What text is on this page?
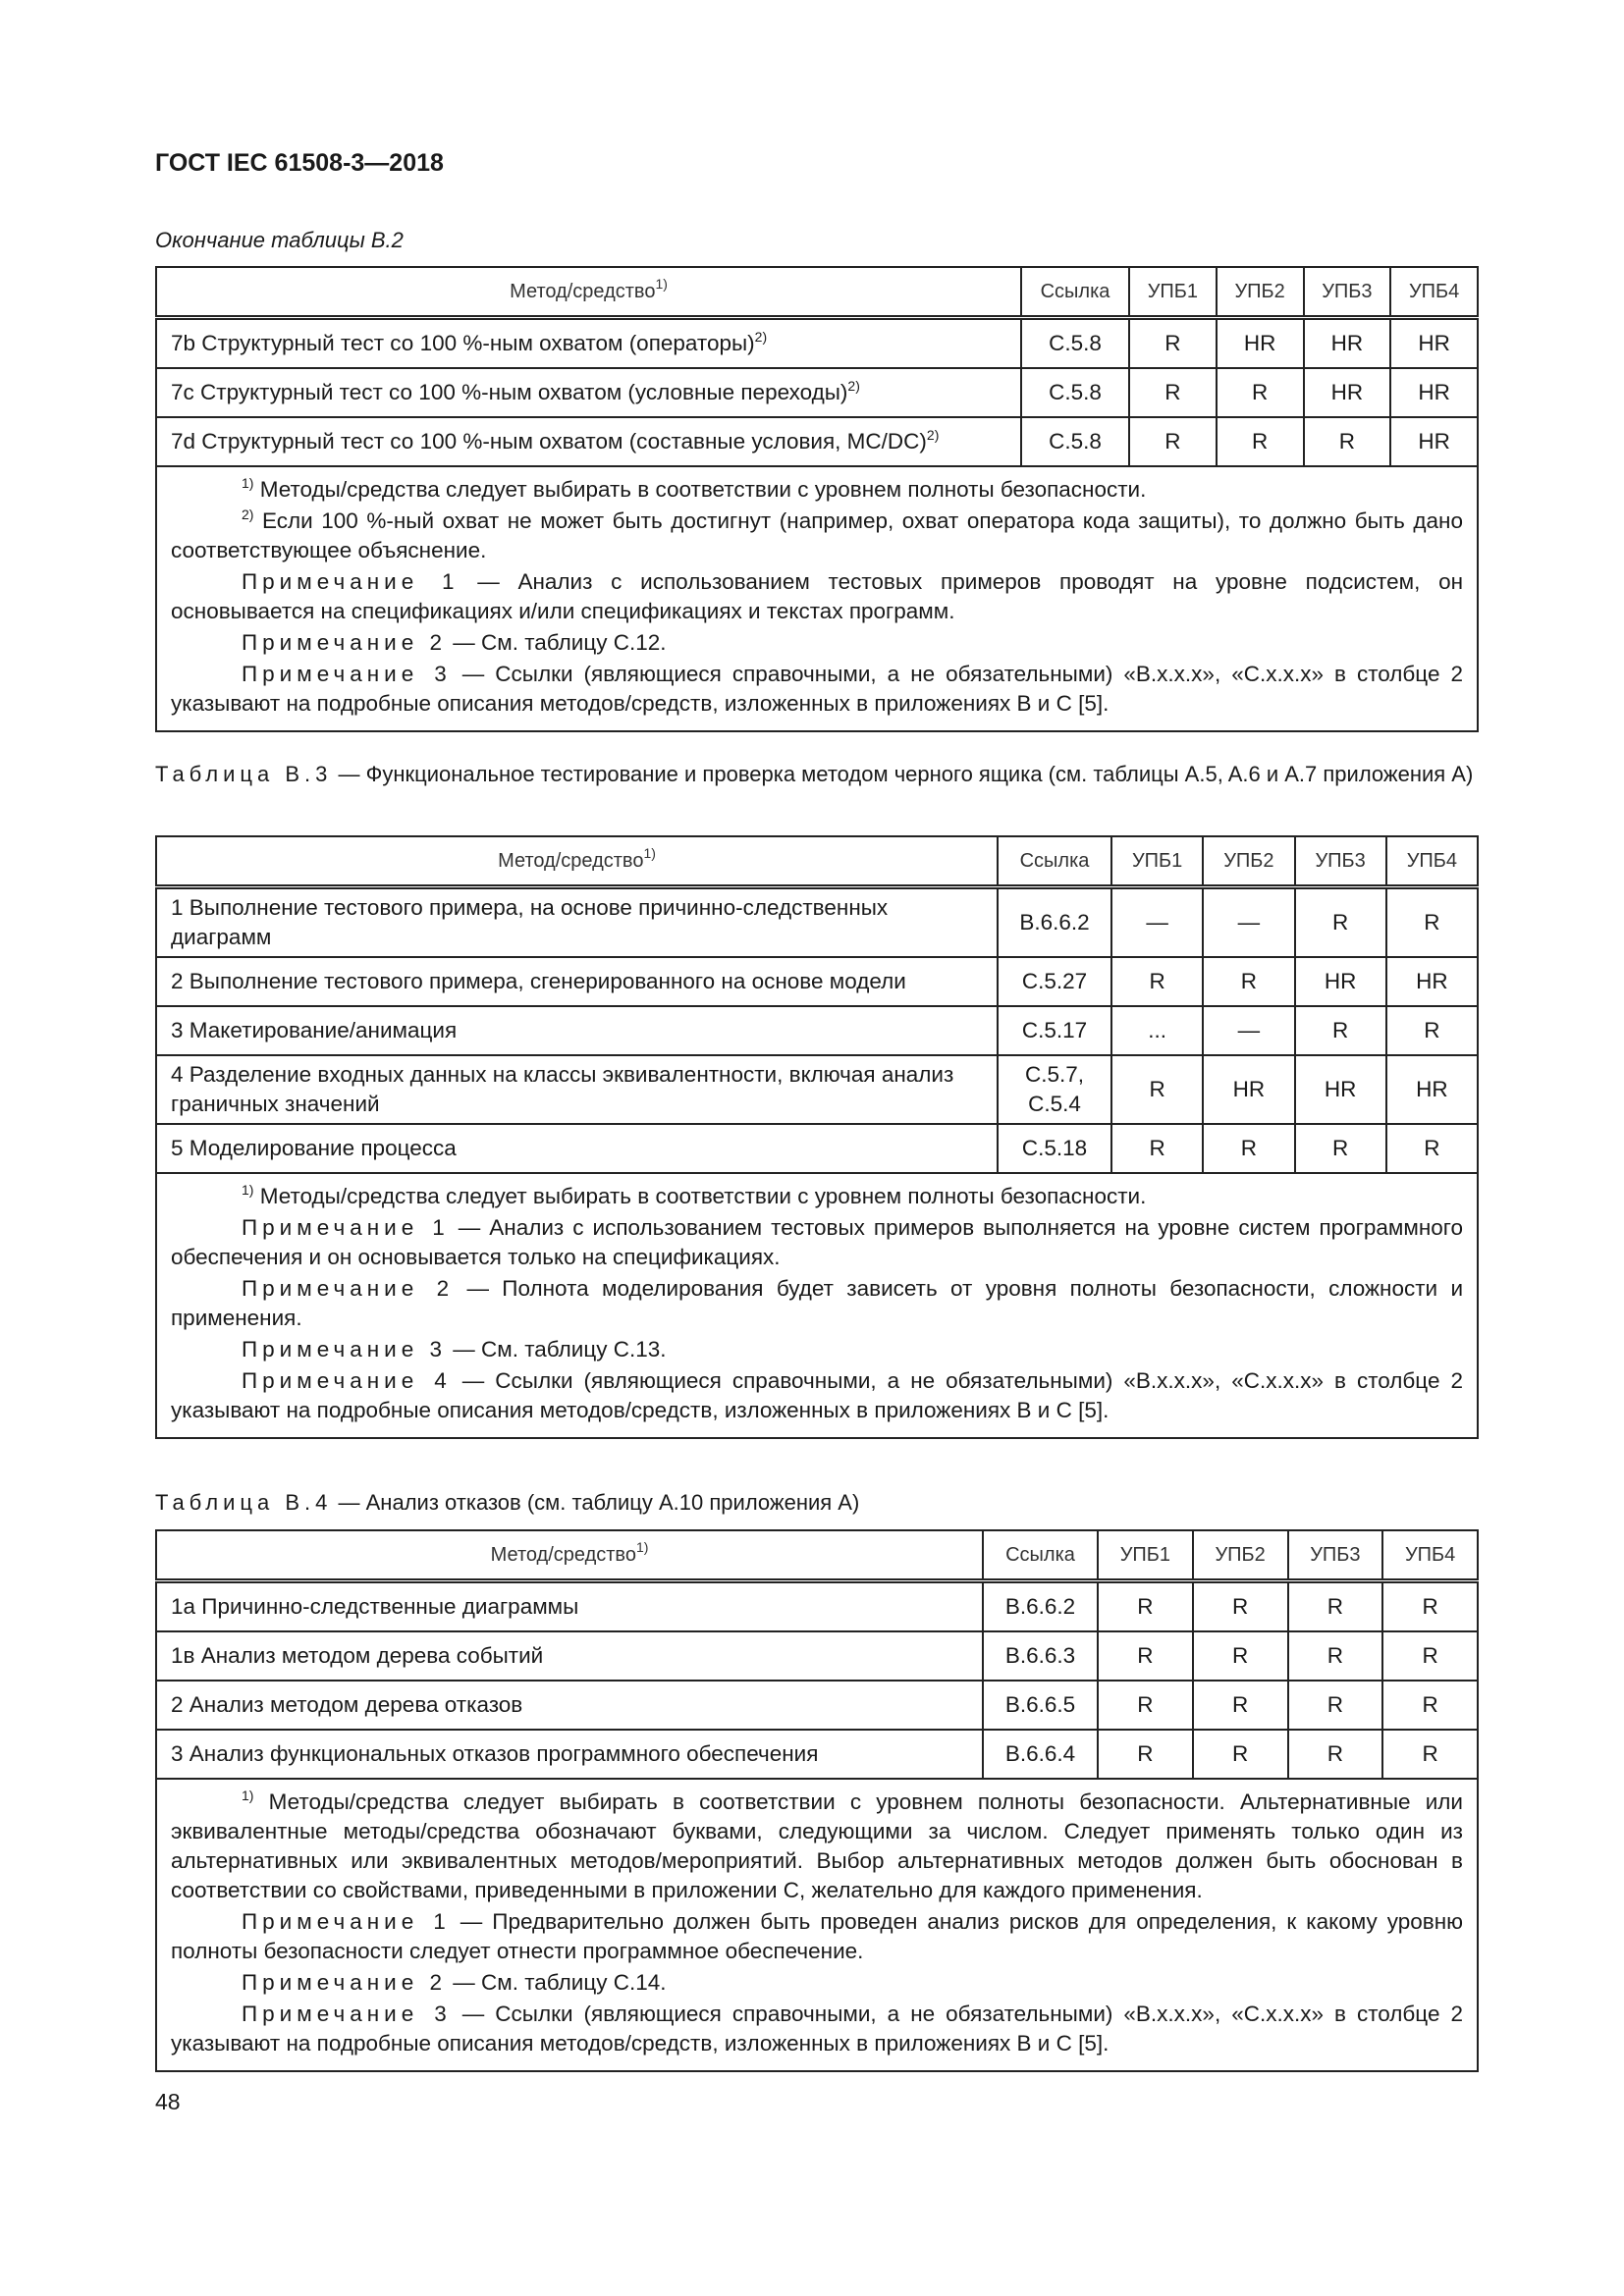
ГОСТ IEC 61508-3—2018
Окончание таблицы B.2
Метод/средство$^{1)}$	Ссылка	УПБ1	УПБ2	УПБ3	УПБ4
7b Структурный тест со 100 %-ным охватом (операторы)$^{2)}$	C.5.8	R	HR	HR	HR
7c Структурный тест со 100 %-ным охватом (условные переходы)$^{2)}$	C.5.8	R	R	HR	HR
7d Структурный тест со 100 %-ным охватом (составные условия, MC/DC)$^{2)}$	C.5.8	R	R	R	HR

$^{1)}$ Методы/средства следует выбирать в соответствии с уровнем полноты безопасности.
$^{2)}$ Если 100 %-ный охват не может быть достигнут (например, охват оператора кода защиты), то должно быть дано соответствующее объяснение.
Примечание 1 — Анализ с использованием тестовых примеров проводят на уровне подсистем, он основывается на спецификациях и/или спецификациях и текстах программ.
Примечание 2 — См. таблицу С.12.
Примечание 3 — Ссылки (являющиеся справочными, а не обязательными) «B.x.x.x», «C.x.x.x» в столбце 2 указывают на подробные описания методов/средств, изложенных в приложениях B и C [5].					
Таблица B.3 — Функциональное тестирование и проверка методом черного ящика (см. таблицы A.5, A.6 и A.7 приложения A)
Метод/средство$^{1)}$	Ссылка	УПБ1	УПБ2	УПБ3	УПБ4
1 Выполнение тестового примера, на основе причинно-следственных диаграмм	B.6.6.2	—	—	R	R
2 Выполнение тестового примера, сгенерированного на основе модели	C.5.27	R	R	HR	HR
3 Макетирование/анимация	C.5.17	...	—	R	R
4 Разделение входных данных на классы эквивалентности, включая анализ граничных значений	C.5.7, C.5.4	R	HR	HR	HR
5 Моделирование процесса	C.5.18	R	R	R	R

$^{1)}$ Методы/средства следует выбирать в соответствии с уровнем полноты безопасности.
Примечание 1 — Анализ с использованием тестовых примеров выполняется на уровне систем программного обеспечения и он основывается только на спецификациях.
Примечание 2 — Полнота моделирования будет зависеть от уровня полноты безопасности, сложности и применения.
Примечание 3 — См. таблицу С.13.
Примечание 4 — Ссылки (являющиеся справочными, а не обязательными) «B.x.x.x», «C.x.x.x» в столбце 2 указывают на подробные описания методов/средств, изложенных в приложениях B и C [5].					
Таблица B.4 — Анализ отказов (см. таблицу A.10 приложения A)
Метод/средство$^{1)}$	Ссылка	УПБ1	УПБ2	УПБ3	УПБ4
1а Причинно-следственные диаграммы	B.6.6.2	R	R	R	R
1в Анализ методом дерева событий	B.6.6.3	R	R	R	R
2 Анализ методом дерева отказов	B.6.6.5	R	R	R	R
3 Анализ функциональных отказов программного обеспечения	B.6.6.4	R	R	R	R

$^{1)}$ Методы/средства следует выбирать в соответствии с уровнем полноты безопасности. Альтернативные или эквивалентные методы/средства обозначают буквами, следующими за числом. Следует применять только один из альтернативных или эквивалентных методов/мероприятий. Выбор альтернативных методов должен быть обоснован в соответствии со свойствами, приведенными в приложении С, желательно для каждого применения.
Примечание 1 — Предварительно должен быть проведен анализ рисков для определения, к какому уровню полноты безопасности следует отнести программное обеспечение.
Примечание 2 — См. таблицу С.14.
Примечание 3 — Ссылки (являющиеся справочными, а не обязательными) «B.x.x.x», «C.x.x.x» в столбце 2 указывают на подробные описания методов/средств, изложенных в приложениях B и C [5].					
48
